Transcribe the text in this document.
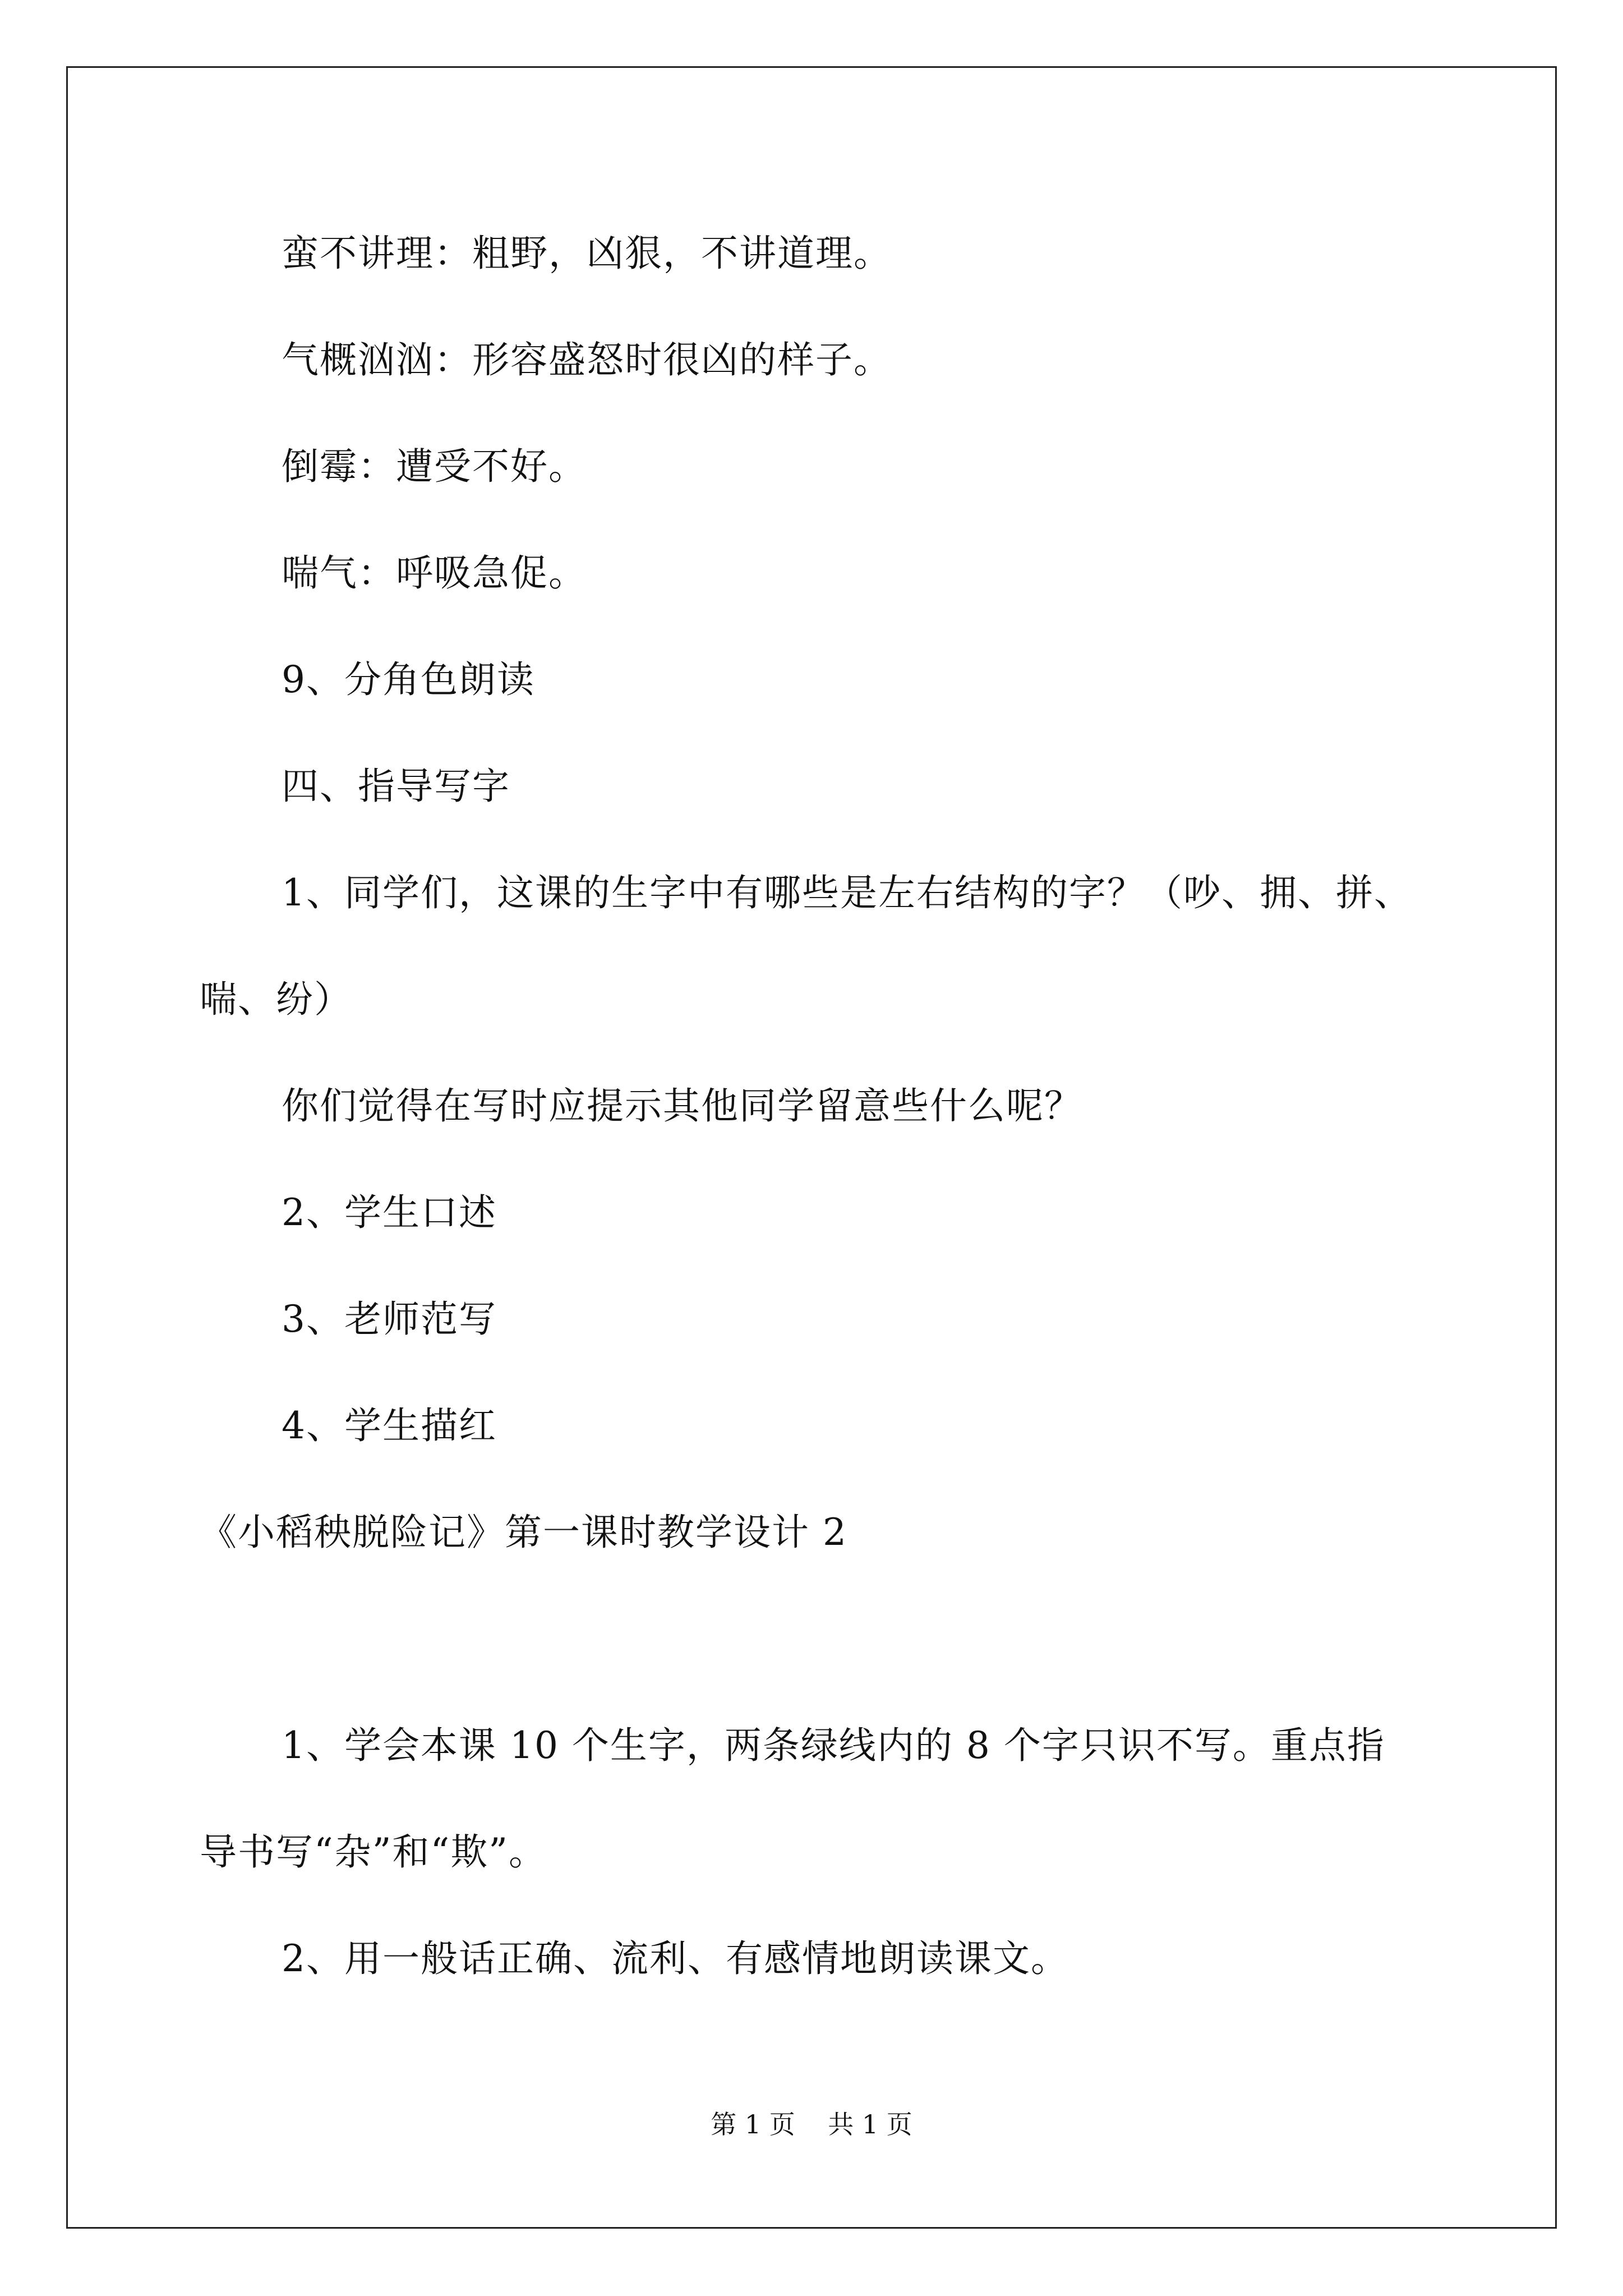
蛮不讲理：粗野，凶狠，不讲道理。
气概汹汹：形容盛怒时很凶的样子。
倒霉：遭受不好。
喘气：呼吸急促。
9、分角色朗读
四、指导写字
1、同学们，这课的生字中有哪些是左右结构的字？（吵、拥、拼、
喘、纷）
你们觉得在写时应提示其他同学留意些什么呢？
2、学生口述
3、老师范写
4、学生描红
《小稻秧脱险记》第一课时教学设计 2
1、学会本课 10 个生字，两条绿线内的 8 个字只识不写。重点指
导书写“杂”和“欺”。
2、用一般话正确、流利、有感情地朗读课文。
第 1 页    共 1 页
